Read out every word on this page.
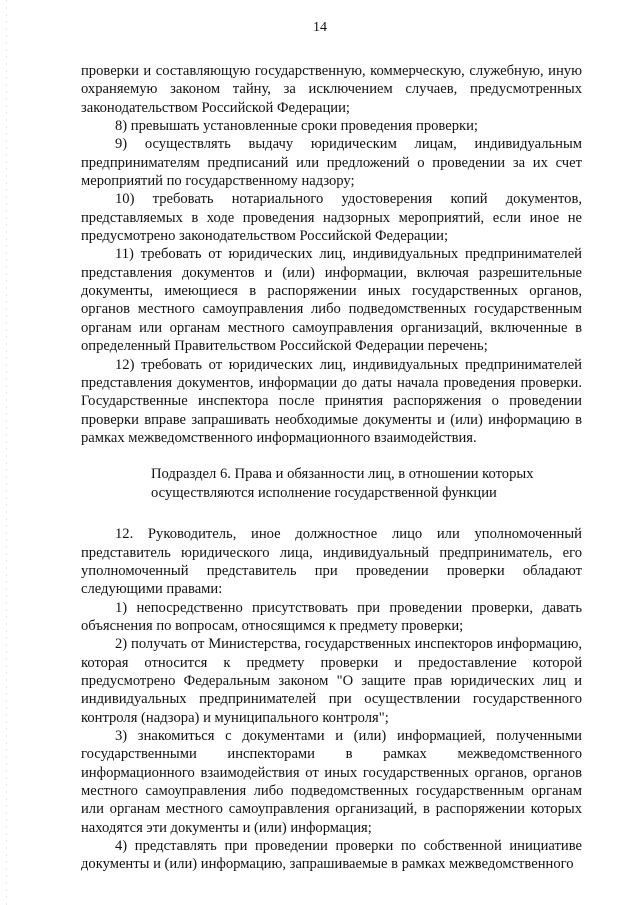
14

проверки и составляющую государственную, коммерческую, служебную, иную охраняемую законом тайну, за исключением случаев, предусмотренных законодательством Российской Федерации;

8) превышать установленные сроки проведения проверки;

9) осуществлять выдачу юридическим лицам, индивидуальным предпринимателям предписаний или предложений о проведении за их счет мероприятий по государственному надзору;

10) требовать нотариального удостоверения копий документов, представляемых в ходе проведения надзорных мероприятий, если иное не предусмотрено законодательством Российской Федерации;

11) требовать от юридических лиц, индивидуальных предпринимателей представления документов и (или) информации, включая разрешительные документы, имеющиеся в распоряжении иных государственных органов, органов местного самоуправления либо подведомственных государственным органам или органам местного самоуправления организаций, включенные в определенный Правительством Российской Федерации перечень;

12) требовать от юридических лиц, индивидуальных предпринимателей представления документов, информации до даты начала проведения проверки. Государственные инспектора после принятия распоряжения о проведении проверки вправе запрашивать необходимые документы и (или) информацию в рамках межведомственного информационного взаимодействия.

Подраздел 6. Права и обязанности лиц, в отношении которых осуществляются исполнение государственной функции

12. Руководитель, иное должностное лицо или уполномоченный представитель юридического лица, индивидуальный предприниматель, его уполномоченный представитель при проведении проверки обладают следующими правами:

1) непосредственно присутствовать при проведении проверки, давать объяснения по вопросам, относящимся к предмету проверки;

2) получать от Министерства, государственных инспекторов информацию, которая относится к предмету проверки и предоставление которой предусмотрено Федеральным законом "О защите прав юридических лиц и индивидуальных предпринимателей при осуществлении государственного контроля (надзора) и муниципального контроля";

3) знакомиться с документами и (или) информацией, полученными государственными инспекторами в рамках межведомственного информационного взаимодействия от иных государственных органов, органов местного самоуправления либо подведомственных государственным органам или органам местного самоуправления организаций, в распоряжении которых находятся эти документы и (или) информация;

4) представлять при проведении проверки по собственной инициативе документы и (или) информацию, запрашиваемые в рамках межведомственного
